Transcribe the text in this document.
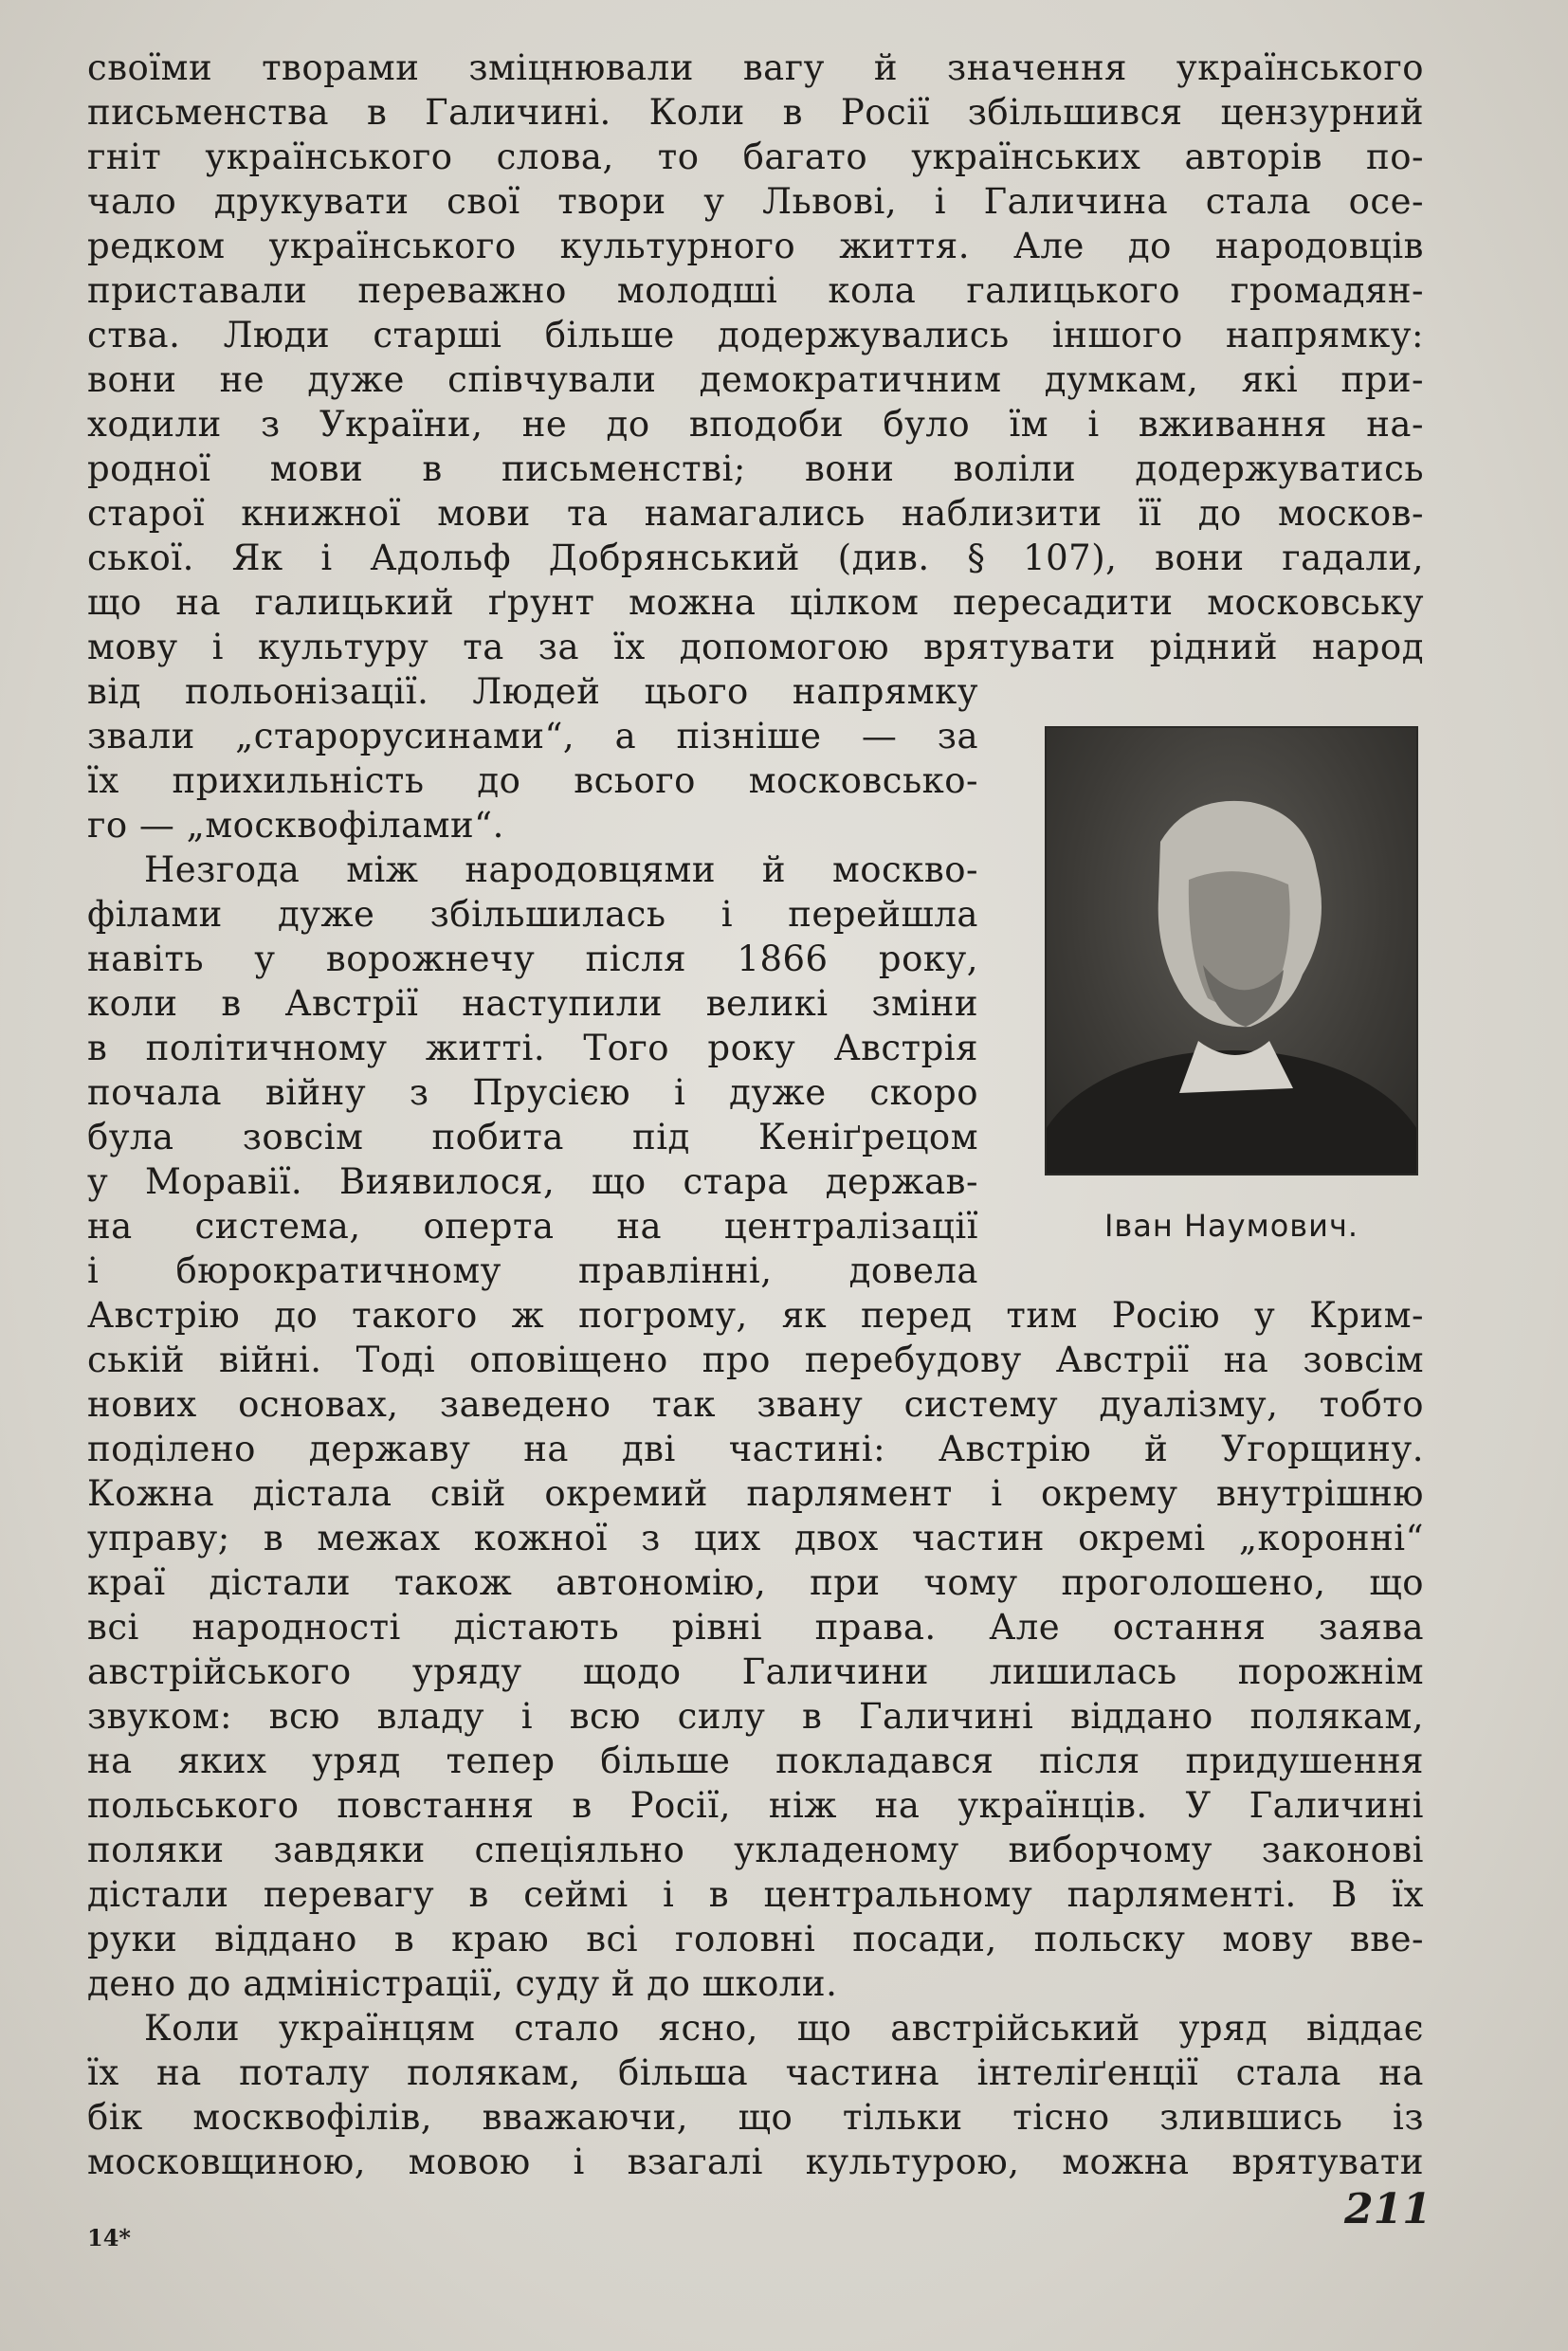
своїми творами зміцнювали вагу й значення українського
письменства в Галичині. Коли в Росії збільшився цензурний
гніт українського слова, то багато українських авторів по-
чало друкувати свої твори у Львові, і Галичина стала осе-
редком українського культурного життя. Але до народовців
приставали переважно молодші кола галицького громадян-
ства. Люди старші більше додержувались іншого напрямку:
вони не дуже співчували демократичним думкам, які при-
ходили з України, не до вподоби було їм і вживання на-
родної мови в письменстві; вони воліли додержуватись
старої книжної мови та намагались наблизити її до москов-
ської. Як і Адольф Добрянський (див. § 107), вони гадали,
що на галицький ґрунт можна цілком пересадити московську
мову і культуру та за їх допомогою врятувати рідний народ
від польонізації. Людей цього напрямку
звали „старорусинами“, а пізніше — за
їх прихильність до всього московсько-
го — „москвофілами“.
Незгода між народовцями й москво-
філами дуже збільшилась і перейшла
навіть у ворожнечу після 1866 року,
коли в Австрії наступили великі зміни
в політичному житті. Того року Австрія
почала війну з Прусією і дуже скоро
була зовсім побита під Кеніґрецом
у Моравії. Виявилося, що стара держав-
на система, оперта на централізації
і бюрократичному правлінні, довела
Іван Наумович.
Австрію до такого ж погрому, як перед тим Росію у Крим-
ській війні. Тоді оповіщено про перебудову Австрії на зовсім
нових основах, заведено так звану систему дуалізму, тобто
поділено державу на дві частині: Австрію й Угорщину.
Кожна дістала свій окремий парлямент і окрему внутрішню
управу; в межах кожної з цих двох частин окремі „коронні“
краї дістали також автономію, при чому проголошено, що
всі народності дістають рівні права. Але остання заява
австрійського уряду щодо Галичини лишилась порожнім
звуком: всю владу і всю силу в Галичині віддано полякам,
на яких уряд тепер більше покладався після придушення
польського повстання в Росії, ніж на українців. У Галичині
поляки завдяки спеціяльно укладеному виборчому законові
дістали перевагу в сеймі і в центральному парляменті. В їх
руки віддано в краю всі головні посади, польску мову вве-
дено до адміністрації, суду й до школи.
Коли українцям стало ясно, що австрійський уряд віддає
їх на поталу полякам, більша частина інтеліґенції стала на
бік москвофілів, вважаючи, що тільки тісно злившись із
московщиною, мовою і взагалі культурою, можна врятувати
14*
211
